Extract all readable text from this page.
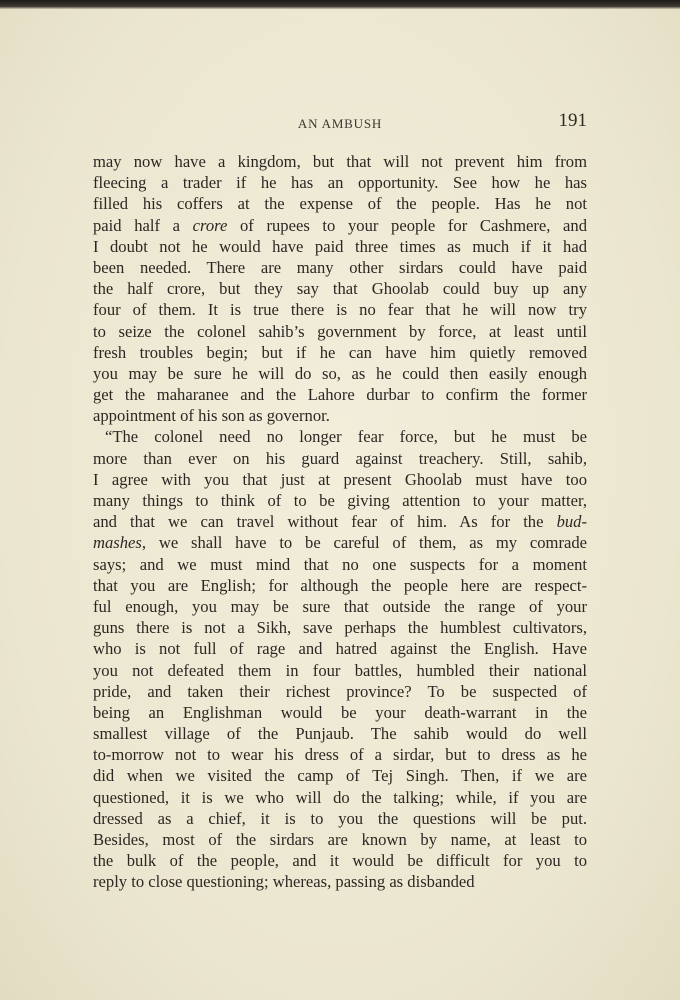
AN AMBUSH	191
may now have a kingdom, but that will not prevent him from
fleecing a trader if he has an opportunity. See how he has
filled his coffers at the expense of the people. Has he not
paid half a crore of rupees to your people for Cashmere, and
I doubt not he would have paid three times as much if it had
been needed. There are many other sirdars could have paid
the half crore, but they say that Ghoolab could buy up any
four of them. It is true there is no fear that he will now try
to seize the colonel sahib’s government by force, at least until
fresh troubles begin; but if he can have him quietly removed
you may be sure he will do so, as he could then easily enough
get the maharanee and the Lahore durbar to confirm the former
appointment of his son as governor.
“The colonel need no longer fear force, but he must be
more than ever on his guard against treachery. Still, sahib,
I agree with you that just at present Ghoolab must have too
many things to think of to be giving attention to your matter,
and that we can travel without fear of him. As for the bud-
mashes, we shall have to be careful of them, as my comrade
says; and we must mind that no one suspects for a moment
that you are English; for although the people here are respect-
ful enough, you may be sure that outside the range of your
guns there is not a Sikh, save perhaps the humblest cultivators,
who is not full of rage and hatred against the English. Have
you not defeated them in four battles, humbled their national
pride, and taken their richest province? To be suspected of
being an Englishman would be your death-warrant in the
smallest village of the Punjaub. The sahib would do well
to-morrow not to wear his dress of a sirdar, but to dress as he
did when we visited the camp of Tej Singh. Then, if we are
questioned, it is we who will do the talking; while, if you are
dressed as a chief, it is to you the questions will be put.
Besides, most of the sirdars are known by name, at least to
the bulk of the people, and it would be difficult for you to
reply to close questioning; whereas, passing as disbanded
